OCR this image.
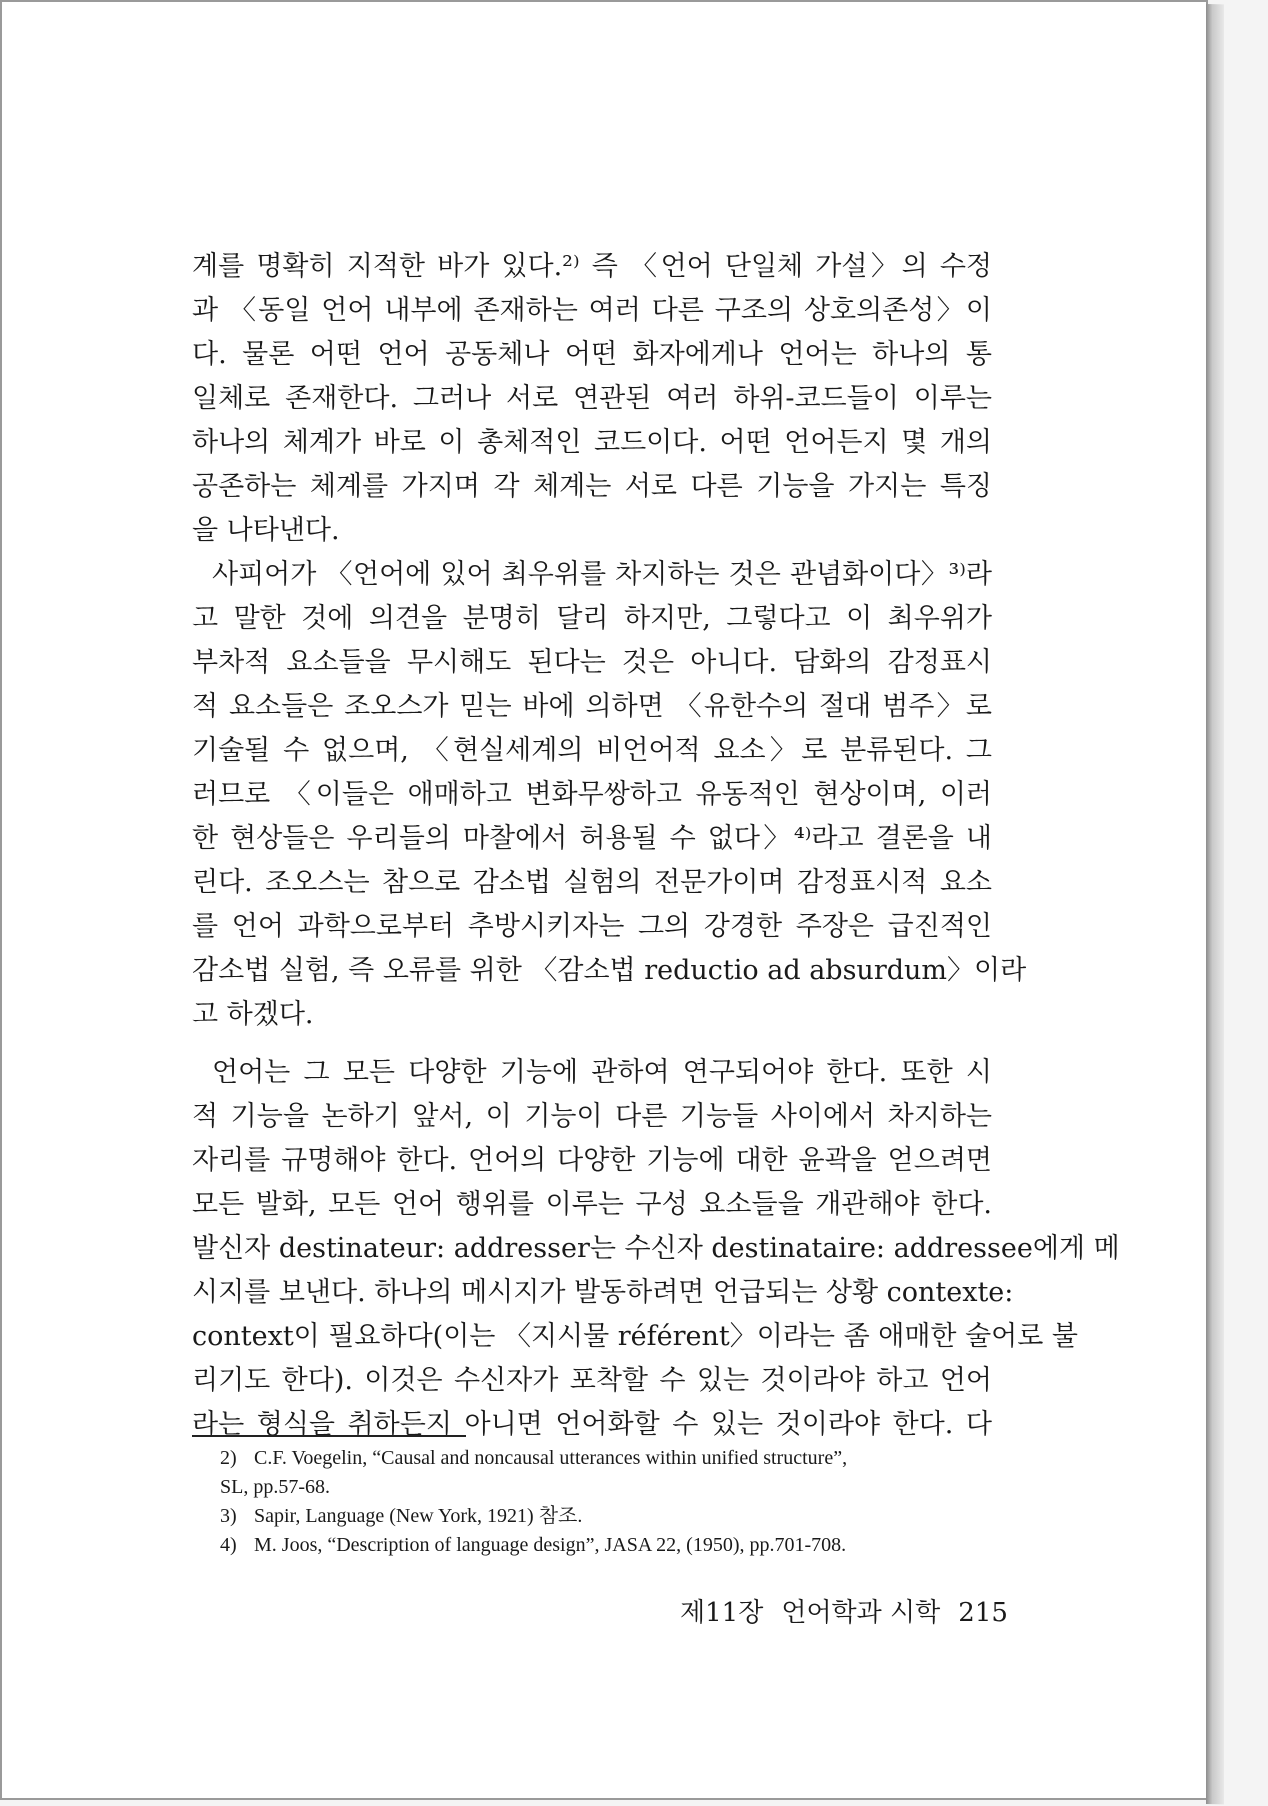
계를 명확히 지적한 바가 있다.²⁾ 즉 〈언어 단일체 가설〉의 수정
과 〈동일 언어 내부에 존재하는 여러 다른 구조의 상호의존성〉이
다. 물론 어떤 언어 공동체나 어떤 화자에게나 언어는 하나의 통
일체로 존재한다. 그러나 서로 연관된 여러 하위-코드들이 이루는
하나의 체계가 바로 이 총체적인 코드이다. 어떤 언어든지 몇 개의
공존하는 체계를 가지며 각 체계는 서로 다른 기능을 가지는 특징
을 나타낸다.
사피어가 〈언어에 있어 최우위를 차지하는 것은 관념화이다〉³⁾라
고 말한 것에 의견을 분명히 달리 하지만, 그렇다고 이 최우위가
부차적 요소들을 무시해도 된다는 것은 아니다. 담화의 감정표시
적 요소들은 조오스가 믿는 바에 의하면 〈유한수의 절대 범주〉로
기술될 수 없으며, 〈현실세계의 비언어적 요소〉로 분류된다. 그
러므로 〈이들은 애매하고 변화무쌍하고 유동적인 현상이며, 이러
한 현상들은 우리들의 마찰에서 허용될 수 없다〉⁴⁾라고 결론을 내
린다. 조오스는 참으로 감소법 실험의 전문가이며 감정표시적 요소
를 언어 과학으로부터 추방시키자는 그의 강경한 주장은 급진적인
감소법 실험, 즉 오류를 위한 〈감소법 reductio ad absurdum〉이라
고 하겠다.
언어는 그 모든 다양한 기능에 관하여 연구되어야 한다. 또한 시
적 기능을 논하기 앞서, 이 기능이 다른 기능들 사이에서 차지하는
자리를 규명해야 한다. 언어의 다양한 기능에 대한 윤곽을 얻으려면
모든 발화, 모든 언어 행위를 이루는 구성 요소들을 개관해야 한다.
발신자 destinateur: addresser는 수신자 destinataire: addressee에게 메
시지를 보낸다. 하나의 메시지가 발동하려면 언급되는 상황 contexte:
context이 필요하다(이는 〈지시물 référent〉이라는 좀 애매한 술어로 불
리기도 한다). 이것은 수신자가 포착할 수 있는 것이라야 하고 언어
라는 형식을 취하든지 아니면 언어화할 수 있는 것이라야 한다. 다
2) C.F. Voegelin, “Causal and noncausal utterances within unified structure”,
SL, pp.57-68.
3) Sapir, Language (New York, 1921) 참조.
4) M. Joos, “Description of language design”, JASA 22, (1950), pp.701-708.
제11장 언어학과 시학 215
